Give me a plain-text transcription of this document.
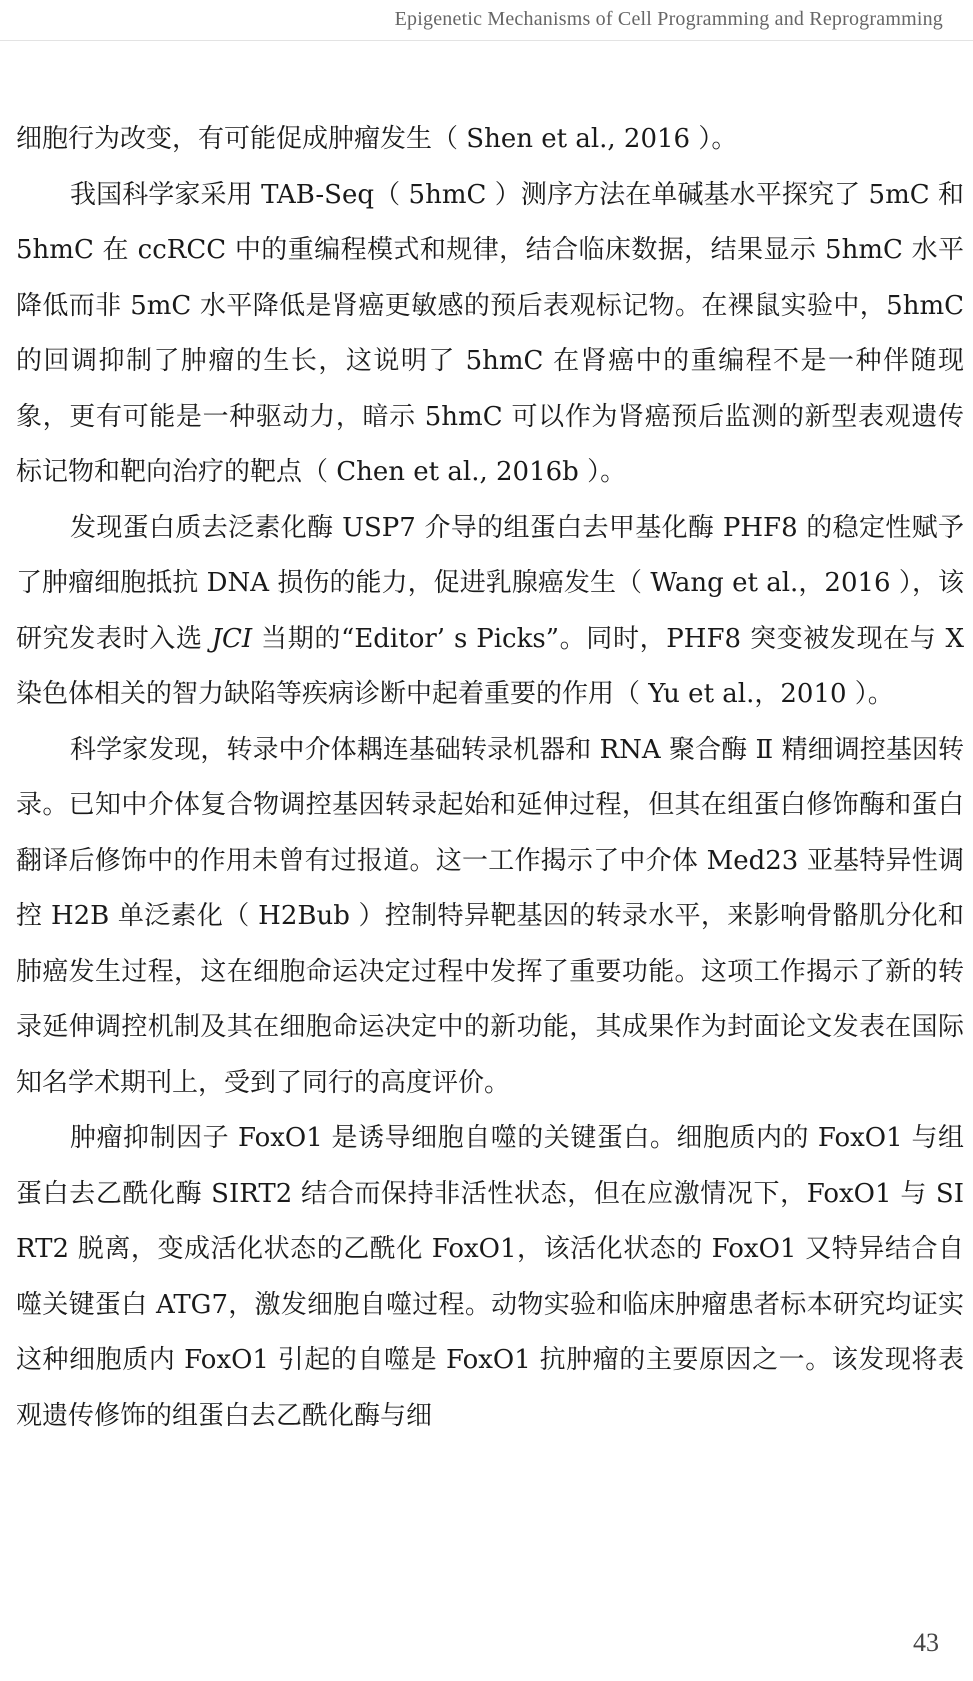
Epigenetic Mechanisms of Cell Programming and Reprogramming

细胞行为改变，有可能促成肿瘤发生（ Shen et al., 2016 ）。

我国科学家采用 TAB-Seq（ 5hmC ）测序方法在单碱基水平探究了 5mC 和 5hmC 在 ccRCC 中的重编程模式和规律，结合临床数据，结果显示 5hmC 水平降低而非 5mC 水平降低是肾癌更敏感的预后表观标记物。在裸鼠实验中，5hmC 的回调抑制了肿瘤的生长，这说明了 5hmC 在肾癌中的重编程不是一种伴随现象，更有可能是一种驱动力，暗示 5hmC 可以作为肾癌预后监测的新型表观遗传标记物和靶向治疗的靶点（ Chen et al., 2016b ）。

发现蛋白质去泛素化酶 USP7 介导的组蛋白去甲基化酶 PHF8 的稳定性赋予了肿瘤细胞抵抗 DNA 损伤的能力，促进乳腺癌发生（ Wang et al.，2016 ），该研究发表时入选 JCI 当期的“Editor’ s Picks”。同时，PHF8 突变被发现在与 X 染色体相关的智力缺陷等疾病诊断中起着重要的作用（ Yu et al.，2010 ）。

科学家发现，转录中介体耦连基础转录机器和 RNA 聚合酶 Ⅱ 精细调控基因转录。已知中介体复合物调控基因转录起始和延伸过程，但其在组蛋白修饰酶和蛋白翻译后修饰中的作用未曾有过报道。这一工作揭示了中介体 Med23 亚基特异性调控 H2B 单泛素化（ H2Bub ）控制特异靶基因的转录水平，来影响骨骼肌分化和肺癌发生过程，这在细胞命运决定过程中发挥了重要功能。这项工作揭示了新的转录延伸调控机制及其在细胞命运决定中的新功能，其成果作为封面论文发表在国际知名学术期刊上，受到了同行的高度评价。

肿瘤抑制因子 FoxO1 是诱导细胞自噬的关键蛋白。细胞质内的 FoxO1 与组蛋白去乙酰化酶 SIRT2 结合而保持非活性状态，但在应激情况下，FoxO1 与 SIRT2 脱离，变成活化状态的乙酰化 FoxO1，该活化状态的 FoxO1 又特异结合自噬关键蛋白 ATG7，激发细胞自噬过程。动物实验和临床肿瘤患者标本研究均证实这种细胞质内 FoxO1 引起的自噬是 FoxO1 抗肿瘤的主要原因之一。该发现将表观遗传修饰的组蛋白去乙酰化酶与细

43
